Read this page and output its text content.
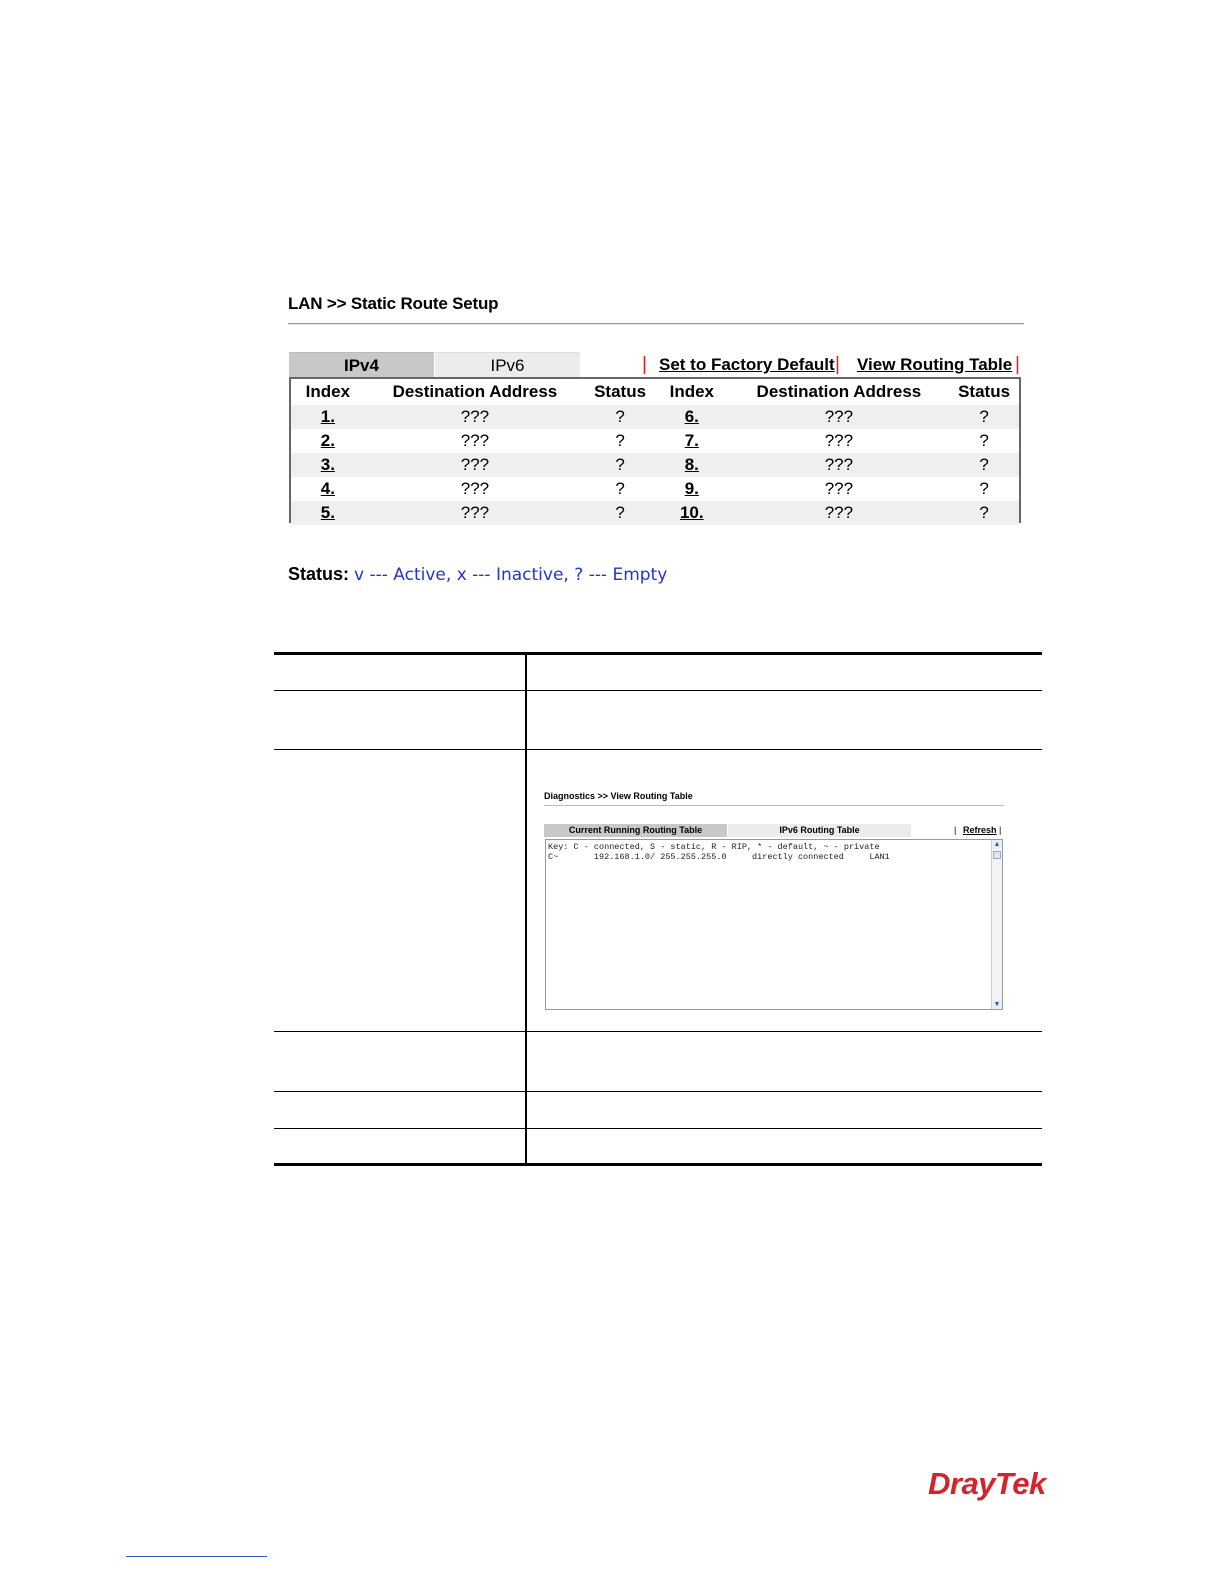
LAN >> Static Route Setup
IPv4	IPv6	| Set to Factory Default | View Routing Table |
Index	Destination Address	Status	Index	Destination Address	Status
1.	???	?	6.	???	?
2.	???	?	7.	???	?
3.	???	?	8.	???	?
4.	???	?	9.	???	?
5.	???	?	10.	???	?
Status: v --- Active, x --- Inactive, ? --- Empty
Diagnostics >> View Routing Table
Current Running Routing Table	IPv6 Routing Table	| Refresh |
Key: C - connected, S - static, R - RIP, * - default, ~ - private
C~       192.168.1.0/ 255.255.255.0     directly connected     LAN1
▲
▼
DrayTek
